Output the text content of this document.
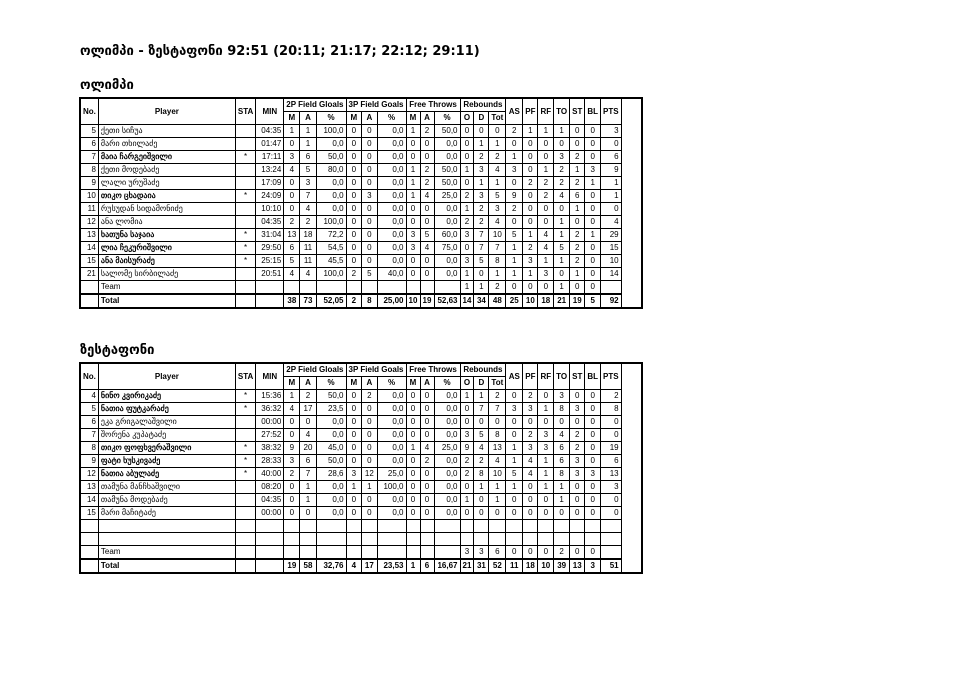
ოლიმპი - ზესტაფონი 92:51 (20:11; 21:17; 22:12; 29:11)
ოლიმპი
No.	Player	STA	MIN	2P Field Gloals			3P Field Goals			Free Throws			Rebounds			AS	PF	RF	TO	ST	BL	PTS
				M	A	%	M	A	%	M	A	%	O	D	Tot							
5	ქეთი სიჩუა		04:35	1	1	100,0	0	0	0,0	1	2	50,0	0	0	0	2	1	1	1	0	0	3
6	მარი თხილაძე		01:47	0	1	0,0	0	0	0,0	0	0	0,0	0	1	1	0	0	0	0	0	0	0
7	მაია ჩარგეიშვილი	*	17:11	3	6	50,0	0	0	0,0	0	0	0,0	0	2	2	1	0	0	3	2	0	6
8	ქეთი მოდებაძე		13:24	4	5	80,0	0	0	0,0	1	2	50,0	1	3	4	3	0	1	2	1	3	9
9	ლალი ურუშაძე		17:09	0	3	0,0	0	0	0,0	1	2	50,0	0	1	1	0	2	2	2	2	1	1
10	თიკო ცხადაია	*	24:09	0	7	0,0	0	3	0,0	1	4	25,0	2	3	5	9	0	2	4	6	0	1
11	რუსუდან სიდამონიძე		10:10	0	4	0,0	0	0	0,0	0	0	0,0	1	2	3	2	0	0	0	1	0	0
12	ანა ლომია		04:35	2	2	100,0	0	0	0,0	0	0	0,0	2	2	4	0	0	0	1	0	0	4
13	ხათუნა საჯაია	*	31:04	13	18	72,2	0	0	0,0	3	5	60,0	3	7	10	5	1	4	1	2	1	29
14	ლია ჩეკურიშვილი	*	29:50	6	11	54,5	0	0	0,0	3	4	75,0	0	7	7	1	2	4	5	2	0	15
15	ანა მაისურაძე	*	25:15	5	11	45,5	0	0	0,0	0	0	0,0	3	5	8	1	3	1	1	2	0	10
21	სალომე სირბილაძე		20:51	4	4	100,0	2	5	40,0	0	0	0,0	1	0	1	1	1	3	0	1	0	14
	Team												1	1	2	0	0	0	1	0	0	
	Total			38	73	52,05	2	8	25,00	10	19	52,63	14	34	48	25	10	18	21	19	5	92
ზესტაფონი
No.	Player	STA	MIN	2P Field Gloals			3P Field Goals			Free Throws			Rebounds			AS	PF	RF	TO	ST	BL	PTS
				M	A	%	M	A	%	M	A	%	O	D	Tot							
4	ნინო კვირიკაძე	*	15:36	1	2	50,0	0	2	0,0	0	0	0,0	1	1	2	0	2	0	3	0	0	2
5	ნათია ფუტკარაძე	*	36:32	4	17	23,5	0	0	0,0	0	0	0,0	0	7	7	3	3	1	8	3	0	8
6	ეკა გრიგალაშვილი		00:00	0	0	0,0	0	0	0,0	0	0	0,0	0	0	0	0	0	0	0	0	0	0
7	შორენა კუპატაძე		27:52	0	4	0,0	0	0	0,0	0	0	0,0	3	5	8	0	2	3	4	2	0	0
8	თიკო ფოფხვერაშვილი	*	38:32	9	20	45,0	0	0	0,0	1	4	25,0	9	4	13	1	3	3	6	2	0	19
9	ფატი ხუსკივაძე	*	28:33	3	6	50,0	0	0	0,0	0	2	0,0	2	2	4	1	4	1	6	3	0	6
12	ნათია აბულაძე	*	40:00	2	7	28,6	3	12	25,0	0	0	0,0	2	8	10	5	4	1	8	3	3	13
13	თამუნა მანჩხაშვილი		08:20	0	1	0,0	1	1	100,0	0	0	0,0	0	1	1	1	0	1	1	0	0	3
14	თამუნა მოდებაძე		04:35	0	1	0,0	0	0	0,0	0	0	0,0	1	0	1	0	0	0	1	0	0	0
15	მარი მაჩიტაძე		00:00	0	0	0,0	0	0	0,0	0	0	0,0	0	0	0	0	0	0	0	0	0	0

	Team												3	3	6	0	0	0	2	0	0	
	Total			19	58	32,76	4	17	23,53	1	6	16,67	21	31	52	11	18	10	39	13	3	51
